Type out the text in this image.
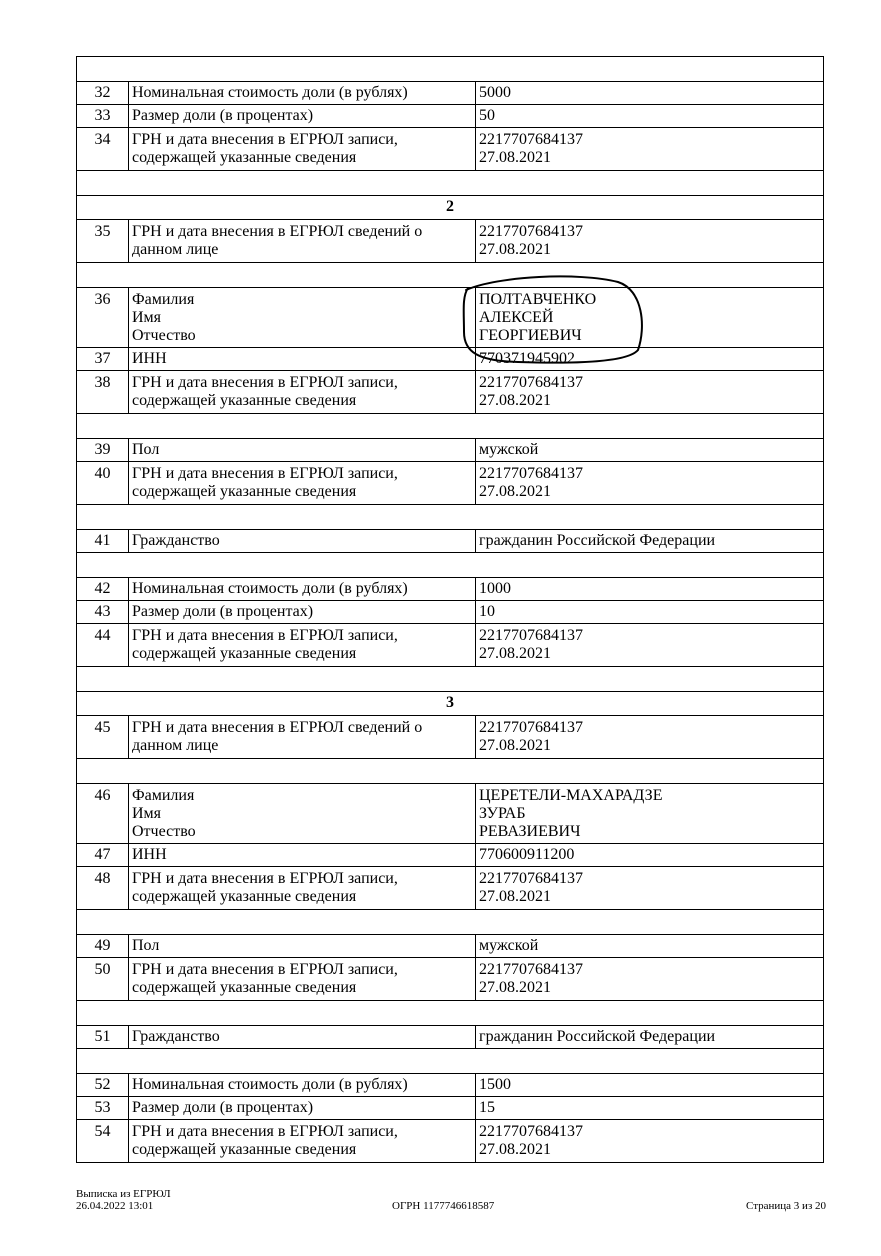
32	Номинальная стоимость доли (в рублях)	5000
33	Размер доли (в процентах)	50
34	ГРН и дата внесения в ЕГРЮЛ записи,
содержащей указанные сведения	2217707684137
27.08.2021

2		
35	ГРН и дата внесения в ЕГРЮЛ сведений о
данном лице	2217707684137
27.08.2021

36	Фамилия
Имя
Отчество	ПОЛТАВЧЕНКО
АЛЕКСЕЙ
ГЕОРГИЕВИЧ
37	ИНН	770371945902
38	ГРН и дата внесения в ЕГРЮЛ записи,
содержащей указанные сведения	2217707684137
27.08.2021

39	Пол	мужской
40	ГРН и дата внесения в ЕГРЮЛ записи,
содержащей указанные сведения	2217707684137
27.08.2021

41	Гражданство	гражданин Российской Федерации

42	Номинальная стоимость доли (в рублях)	1000
43	Размер доли (в процентах)	10
44	ГРН и дата внесения в ЕГРЮЛ записи,
содержащей указанные сведения	2217707684137
27.08.2021

3		
45	ГРН и дата внесения в ЕГРЮЛ сведений о
данном лице	2217707684137
27.08.2021

46	Фамилия
Имя
Отчество	ЦЕРЕТЕЛИ-МАХАРАДЗЕ
ЗУРАБ
РЕВАЗИЕВИЧ
47	ИНН	770600911200
48	ГРН и дата внесения в ЕГРЮЛ записи,
содержащей указанные сведения	2217707684137
27.08.2021

49	Пол	мужской
50	ГРН и дата внесения в ЕГРЮЛ записи,
содержащей указанные сведения	2217707684137
27.08.2021

51	Гражданство	гражданин Российской Федерации

52	Номинальная стоимость доли (в рублях)	1500
53	Размер доли (в процентах)	15
54	ГРН и дата внесения в ЕГРЮЛ записи,
содержащей указанные сведения	2217707684137
27.08.2021
Выписка из ЕГРЮЛ
26.04.2022 13:01	ОГРН 1177746618587	Страница 3 из 20
